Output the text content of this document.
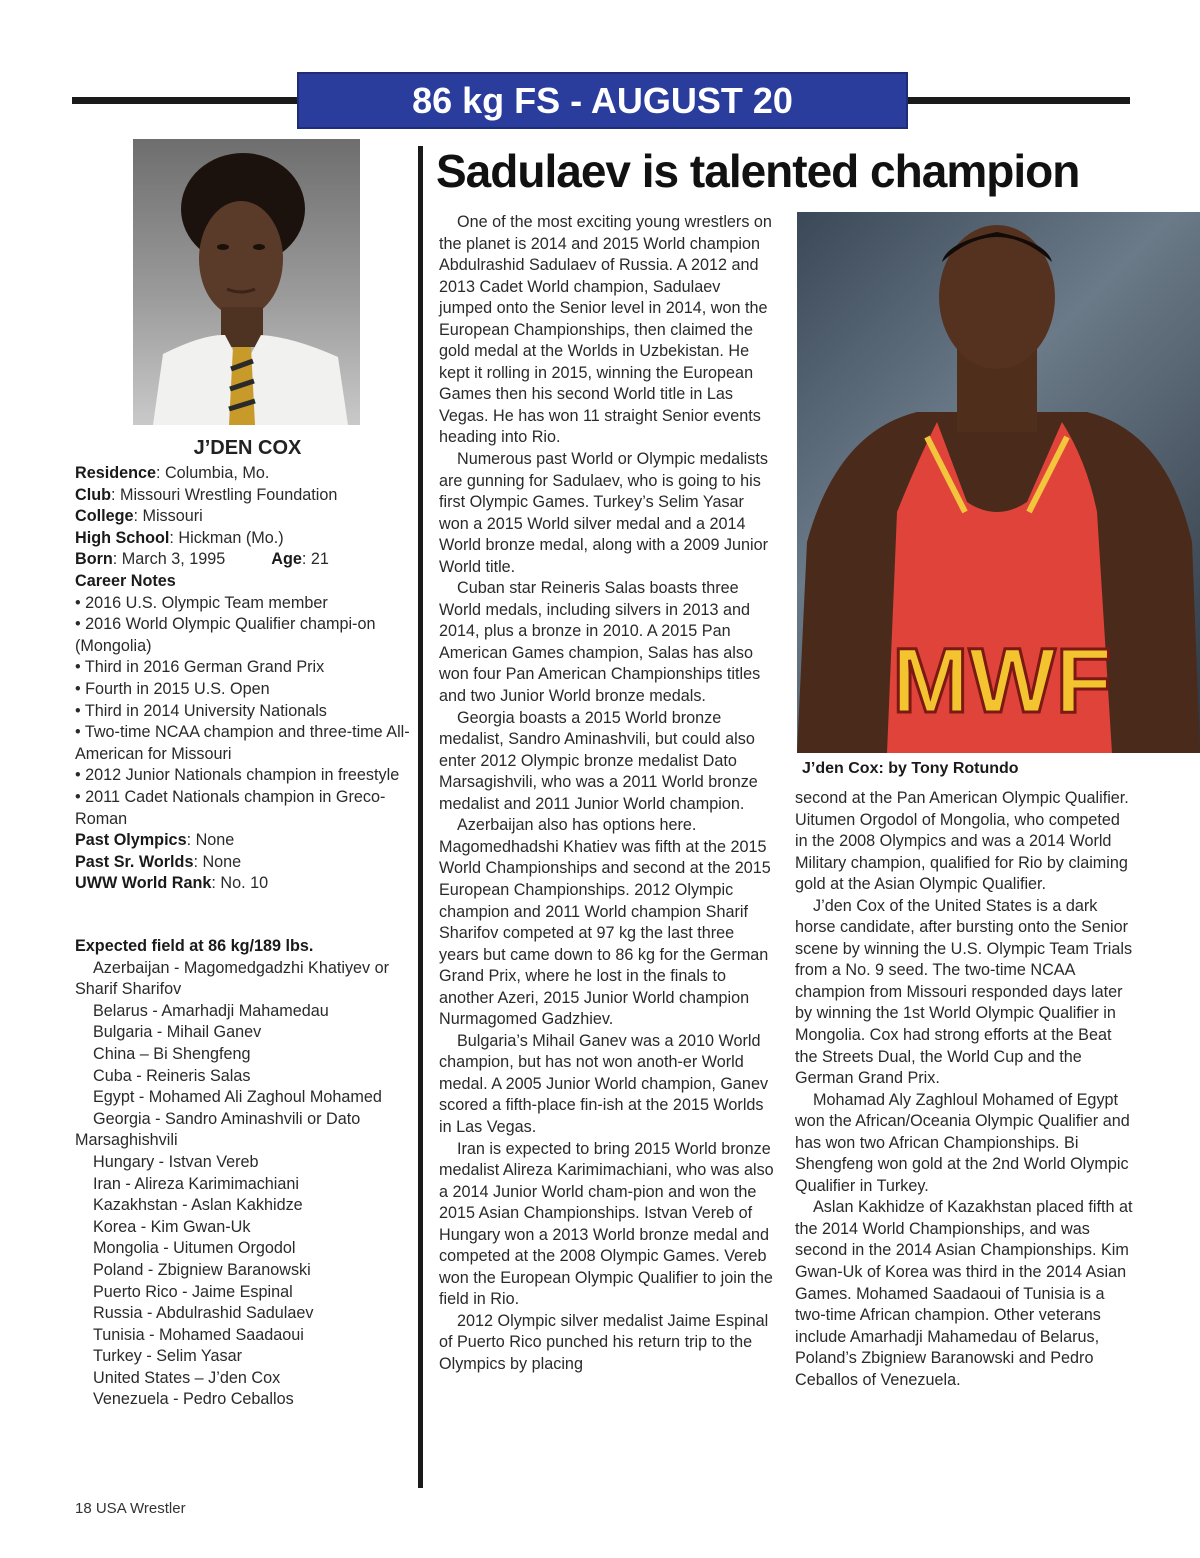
86 kg FS - AUGUST 20
Sadulaev is talented champion
J’DEN COX
Residence: Columbia, Mo.
Club: Missouri Wrestling Foundation
College: Missouri
High School: Hickman (Mo.)
Born: March 3, 1995	Age: 21
Career Notes
• 2016 U.S. Olympic Team member
• 2016 World Olympic Qualifier champi-on (Mongolia)
• Third in 2016 German Grand Prix
• Fourth in 2015 U.S. Open
• Third in 2014 University Nationals
• Two-time NCAA champion and three-time All-American for Missouri
• 2012 Junior Nationals champion in freestyle
• 2011 Cadet Nationals champion in Greco-Roman
Past Olympics: None
Past Sr. Worlds: None
UWW World Rank: No. 10
Expected field at 86 kg/189 lbs.
Azerbaijan - Magomedgadzhi Khatiyev or Sharif Sharifov
Belarus - Amarhadji Mahamedau
Bulgaria - Mihail Ganev
China – Bi Shengfeng
Cuba - Reineris Salas
Egypt - Mohamed Ali Zaghoul Mohamed
Georgia - Sandro Aminashvili or Dato Marsaghishvili
Hungary - Istvan Vereb
Iran - Alireza Karimimachiani
Kazakhstan - Aslan Kakhidze
Korea - Kim Gwan-Uk
Mongolia - Uitumen Orgodol
Poland - Zbigniew Baranowski
Puerto Rico - Jaime Espinal
Russia - Abdulrashid Sadulaev
Tunisia - Mohamed Saadaoui
Turkey - Selim Yasar
United States – J’den Cox
Venezuela - Pedro Ceballos

One of the most exciting young wrestlers on the planet is 2014 and 2015 World champion Abdulrashid Sadulaev of Russia. A 2012 and 2013 Cadet World champion, Sadulaev jumped onto the Senior level in 2014, won the European Championships, then claimed the gold medal at the Worlds in Uzbekistan. He kept it rolling in 2015, winning the European Games then his second World title in Las Vegas. He has won 11 straight Senior events heading into Rio.

Numerous past World or Olympic medalists are gunning for Sadulaev, who is going to his first Olympic Games. Turkey’s Selim Yasar won a 2015 World silver medal and a 2014 World bronze medal, along with a 2009 Junior World title.

Cuban star Reineris Salas boasts three World medals, including silvers in 2013 and 2014, plus a bronze in 2010. A 2015 Pan American Games champion, Salas has also won four Pan American Championships titles and two Junior World bronze medals.

Georgia boasts a 2015 World bronze medalist, Sandro Aminashvili, but could also enter 2012 Olympic bronze medalist Dato Marsagishvili, who was a 2011 World bronze medalist and 2011 Junior World champion.

Azerbaijan also has options here. Magomedhadshi Khatiev was fifth at the 2015 World Championships and second at the 2015 European Championships. 2012 Olympic champion and 2011 World champion Sharif Sharifov competed at 97 kg the last three years but came down to 86 kg for the German Grand Prix, where he lost in the finals to another Azeri, 2015 Junior World champion Nurmagomed Gadzhiev.

Bulgaria’s Mihail Ganev was a 2010 World champion, but has not won anoth-er World medal. A 2005 Junior World champion, Ganev scored a fifth-place fin-ish at the 2015 Worlds in Las Vegas.

Iran is expected to bring 2015 World bronze medalist Alireza Karimimachiani, who was also a 2014 Junior World cham-pion and won the 2015 Asian Championships. Istvan Vereb of Hungary won a 2013 World bronze medal and competed at the 2008 Olympic Games. Vereb won the European Olympic Qualifier to join the field in Rio.

2012 Olympic silver medalist Jaime Espinal of Puerto Rico punched his return trip to the Olympics by placing

MWF
J’den Cox: by Tony Rotundo

second at the Pan American Olympic Qualifier. Uitumen Orgodol of Mongolia, who competed in the 2008 Olympics and was a 2014 World Military champion, qualified for Rio by claiming gold at the Asian Olympic Qualifier.

J’den Cox of the United States is a dark horse candidate, after bursting onto the Senior scene by winning the U.S. Olympic Team Trials from a No. 9 seed. The two-time NCAA champion from Missouri responded days later by winning the 1st World Olympic Qualifier in Mongolia. Cox had strong efforts at the Beat the Streets Dual, the World Cup and the German Grand Prix.

Mohamad Aly Zaghloul Mohamed of Egypt won the African/Oceania Olympic Qualifier and has won two African Championships. Bi Shengfeng won gold at the 2nd World Olympic Qualifier in Turkey.

Aslan Kakhidze of Kazakhstan placed fifth at the 2014 World Championships, and was second in the 2014 Asian Championships. Kim Gwan-Uk of Korea was third in the 2014 Asian Games. Mohamed Saadaoui of Tunisia is a two-time African champion. Other veterans include Amarhadji Mahamedau of Belarus, Poland’s Zbigniew Baranowski and Pedro Ceballos of Venezuela.

18 USA Wrestler
